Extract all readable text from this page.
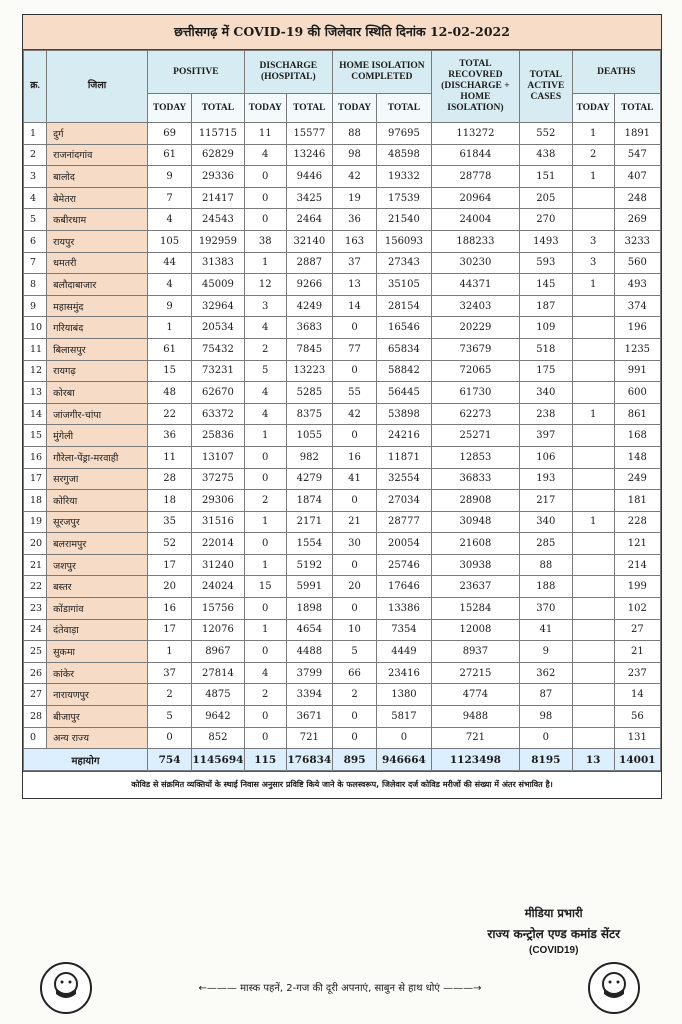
छत्तीसगढ़ में COVID-19 की जिलेवार स्थिति दिनांक 12-02-2022
क्र.	जिला	POSITIVE		DISCHARGE (HOSPITAL)		HOME ISOLATION COMPLETED		TOTAL RECOVRED (DISCHARGE + HOME ISOLATION)	TOTAL ACTIVE CASES	DEATHS	
		TODAY	TOTAL	TODAY	TOTAL	TODAY	TOTAL			TODAY	TOTAL
1	दुर्ग	69	115715	11	15577	88	97695	113272	552	1	1891
2	राजनांदगांव	61	62829	4	13246	98	48598	61844	438	2	547
3	बालोद	9	29336	0	9446	42	19332	28778	151	1	407
4	बेमेतरा	7	21417	0	3425	19	17539	20964	205		248
5	कबीरधाम	4	24543	0	2464	36	21540	24004	270		269
6	रायपुर	105	192959	38	32140	163	156093	188233	1493	3	3233
7	धमतरी	44	31383	1	2887	37	27343	30230	593	3	560
8	बलौदाबाजार	4	45009	12	9266	13	35105	44371	145	1	493
9	महासमुंद	9	32964	3	4249	14	28154	32403	187		374
10	गरियाबंद	1	20534	4	3683	0	16546	20229	109		196
11	बिलासपुर	61	75432	2	7845	77	65834	73679	518		1235
12	रायगढ़	15	73231	5	13223	0	58842	72065	175		991
13	कोरबा	48	62670	4	5285	55	56445	61730	340		600
14	जांजगीर-चांपा	22	63372	4	8375	42	53898	62273	238	1	861
15	मुंगेली	36	25836	1	1055	0	24216	25271	397		168
16	गौरेला-पेंड्रा-मरवाही	11	13107	0	982	16	11871	12853	106		148
17	सरगुजा	28	37275	0	4279	41	32554	36833	193		249
18	कोरिया	18	29306	2	1874	0	27034	28908	217		181
19	सूरजपुर	35	31516	1	2171	21	28777	30948	340	1	228
20	बलरामपुर	52	22014	0	1554	30	20054	21608	285		121
21	जशपुर	17	31240	1	5192	0	25746	30938	88		214
22	बस्तर	20	24024	15	5991	20	17646	23637	188		199
23	कोंडागांव	16	15756	0	1898	0	13386	15284	370		102
24	दंतेवाड़ा	17	12076	1	4654	10	7354	12008	41		27
25	सुकमा	1	8967	0	4488	5	4449	8937	9		21
26	कांकेर	37	27814	4	3799	66	23416	27215	362		237
27	नारायणपुर	2	4875	2	3394	2	1380	4774	87		14
28	बीजापुर	5	9642	0	3671	0	5817	9488	98		56
0	अन्य राज्य	0	852	0	721	0	0	721	0		131
महायोग		754	1145694	115	176834	895	946664	1123498	8195	13	14001
कोविड से संक्रमित व्यक्तियों के स्थाई निवास अनुसार प्रविष्टि किये जाने के फलस्वरूप, जिलेवार दर्ज कोविड मरीजों की संख्या में अंतर संभावित है।
मीडिया प्रभारी
राज्य कन्ट्रोल एण्ड कमांड सेंटर
(COVID19)
←——— मास्क पहनें, 2-गज की दूरी अपनाएं, साबुन से हाथ धोएं ———→
